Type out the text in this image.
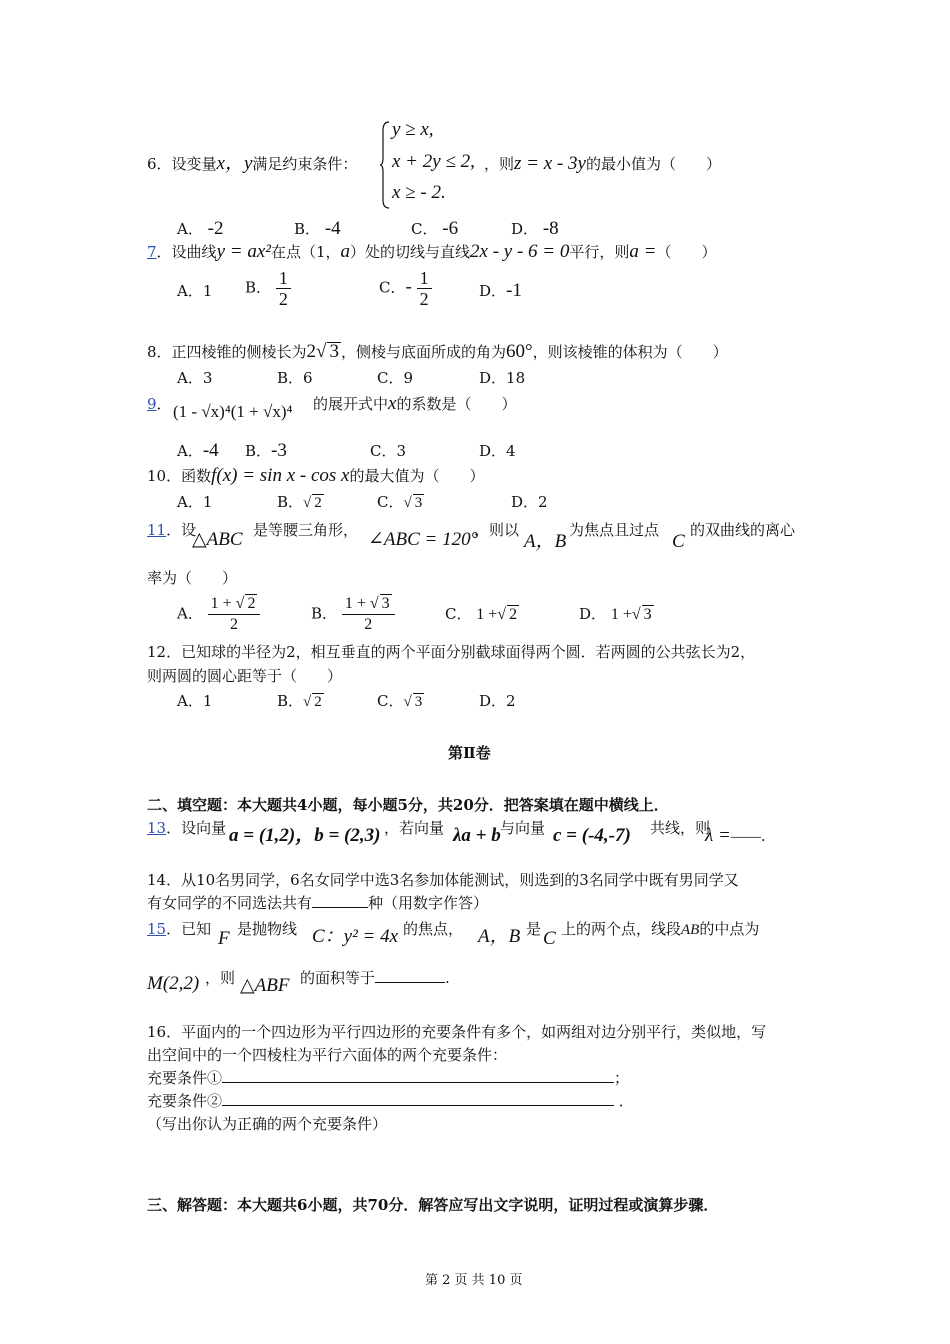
6．设变量x，y满足约束条件：
y ≥ x,
x + 2y ≤ 2,
x ≥ - 2.
，则z = x - 3y的最小值为（　　）
A． -2	B． -4	C． -6	D． -8
7．设曲线y = ax²在点（1，a）处的切线与直线2x - y - 6 = 0平行，则a =（　　）
A．1 B． $\frac{1}{2}$	C．- $\frac{1}{2}$	D．-1
8．正四棱锥的侧棱长为2√ 3 ，侧棱与底面所成的角为60°，则该棱锥的体积为（　　）
A．3	B．6	C．9	D．18
9． (1 - √x)⁴(1 + √x)⁴ 的展开式中x的系数是（　　）
A．-4 B．-3	C．3	D．4
10．函数f(x) = sin x - cos x的最大值为（　　）
A．1	B．√ 2	C．√ 3	D．2
11．设
△ABC 是等腰三角形， ∠ABC = 120°
，则以
A，B
为焦点且过点
C
的双曲线的离心
率为（　　）
A． $\frac{1 + √ 2}{2}$	B． $\frac{1 + √ 3}{2}$	C． 1 +√ 2	D． 1 +√ 3
12．已知球的半径为2，相互垂直的两个平面分别截球面得两个圆．若两圆的公共弦长为2，
则两圆的圆心距等于（　　）
A．1	B．√ 2	C．√ 3	D．2
第Ⅱ卷
二、填空题：本大题共4小题，每小题5分，共20分．把答案填在题中横线上．
13．设向量 a = (1,2)，b = (2,3) ，若向量 λa + b 与向量 c = (-4,-7) 共线，则
λ =——.
14．从10名男同学，6名女同学中选3名参加体能测试，则选到的3名同学中既有男同学又
有女同学的不同选法共有	种（用数字作答）
15．已知 F 是抛物线 C：y² = 4x 的焦点， A，B 是 C 上的两个点，线段AB的中点为
M(2,2) ，则 △ABF 的面积等于	.
16．平面内的一个四边形为平行四边形的充要条件有多个，如两组对边分别平行，类似地，写
出空间中的一个四棱柱为平行六面体的两个充要条件：
充要条件①	；
充要条件②	．
（写出你认为正确的两个充要条件）
三、解答题：本大题共6小题，共70分．解答应写出文字说明，证明过程或演算步骤．
第 2 页 共 10 页
